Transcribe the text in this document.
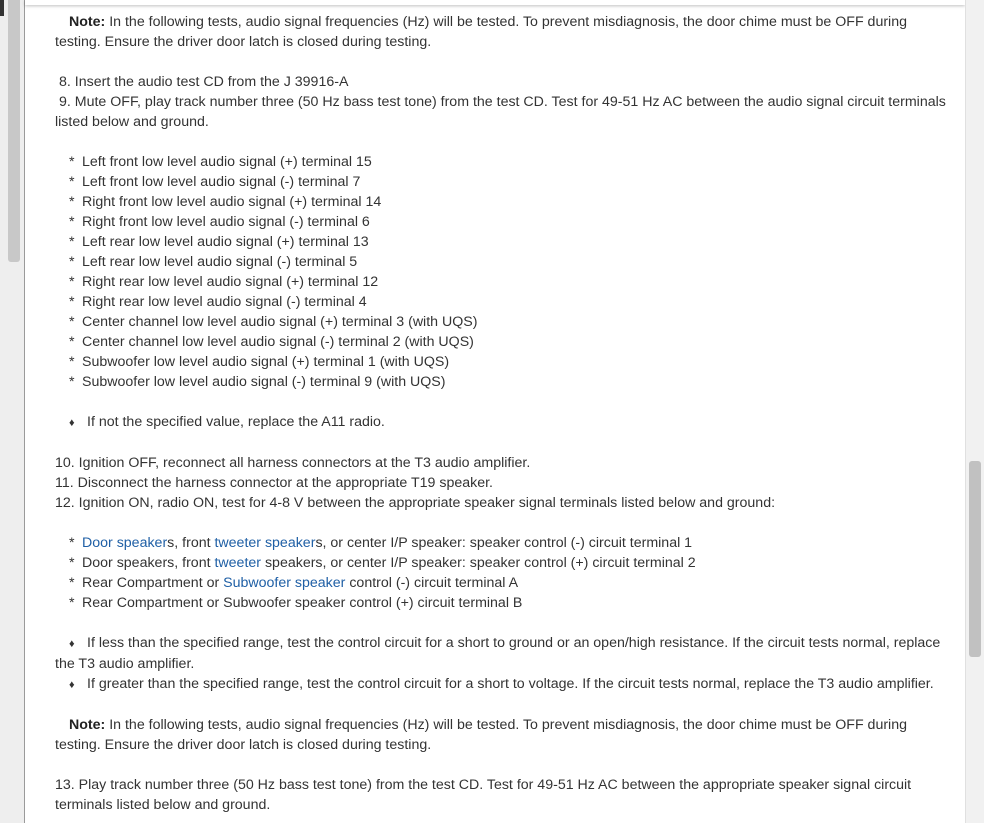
Note: In the following tests, audio signal frequencies (Hz) will be tested. To prevent misdiagnosis, the door chime must be OFF during

testing. Ensure the driver door latch is closed during testing.

8. Insert the audio test CD from the J 39916-A

9. Mute OFF, play track number three (50 Hz bass test tone) from the test CD. Test for 49-51 Hz AC between the audio signal circuit terminals

listed below and ground.

* Left front low level audio signal (+) terminal 15
* Left front low level audio signal (-) terminal 7
* Right front low level audio signal (+) terminal 14
* Right front low level audio signal (-) terminal 6
* Left rear low level audio signal (+) terminal 13
* Left rear low level audio signal (-) terminal 5
* Right rear low level audio signal (+) terminal 12
* Right rear low level audio signal (-) terminal 4
* Center channel low level audio signal (+) terminal 3 (with UQS)
* Center channel low level audio signal (-) terminal 2 (with UQS)
* Subwoofer low level audio signal (+) terminal 1 (with UQS)
* Subwoofer low level audio signal (-) terminal 9 (with UQS)

♦ If not the specified value, replace the A11 radio.

10. Ignition OFF, reconnect all harness connectors at the T3 audio amplifier.

11. Disconnect the harness connector at the appropriate T19 speaker.

12. Ignition ON, radio ON, test for 4-8 V between the appropriate speaker signal terminals listed below and ground:

* Door speakers, front tweeter speakers, or center I/P speaker: speaker control (-) circuit terminal 1
* Door speakers, front tweeter speakers, or center I/P speaker: speaker control (+) circuit terminal 2
* Rear Compartment or Subwoofer speaker control (-) circuit terminal A
* Rear Compartment or Subwoofer speaker control (+) circuit terminal B

♦ If less than the specified range, test the control circuit for a short to ground or an open/high resistance. If the circuit tests normal, replace

the T3 audio amplifier.

♦ If greater than the specified range, test the control circuit for a short to voltage. If the circuit tests normal, replace the T3 audio amplifier.

Note: In the following tests, audio signal frequencies (Hz) will be tested. To prevent misdiagnosis, the door chime must be OFF during

testing. Ensure the driver door latch is closed during testing.

13. Play track number three (50 Hz bass test tone) from the test CD. Test for 49-51 Hz AC between the appropriate speaker signal circuit

terminals listed below and ground.
